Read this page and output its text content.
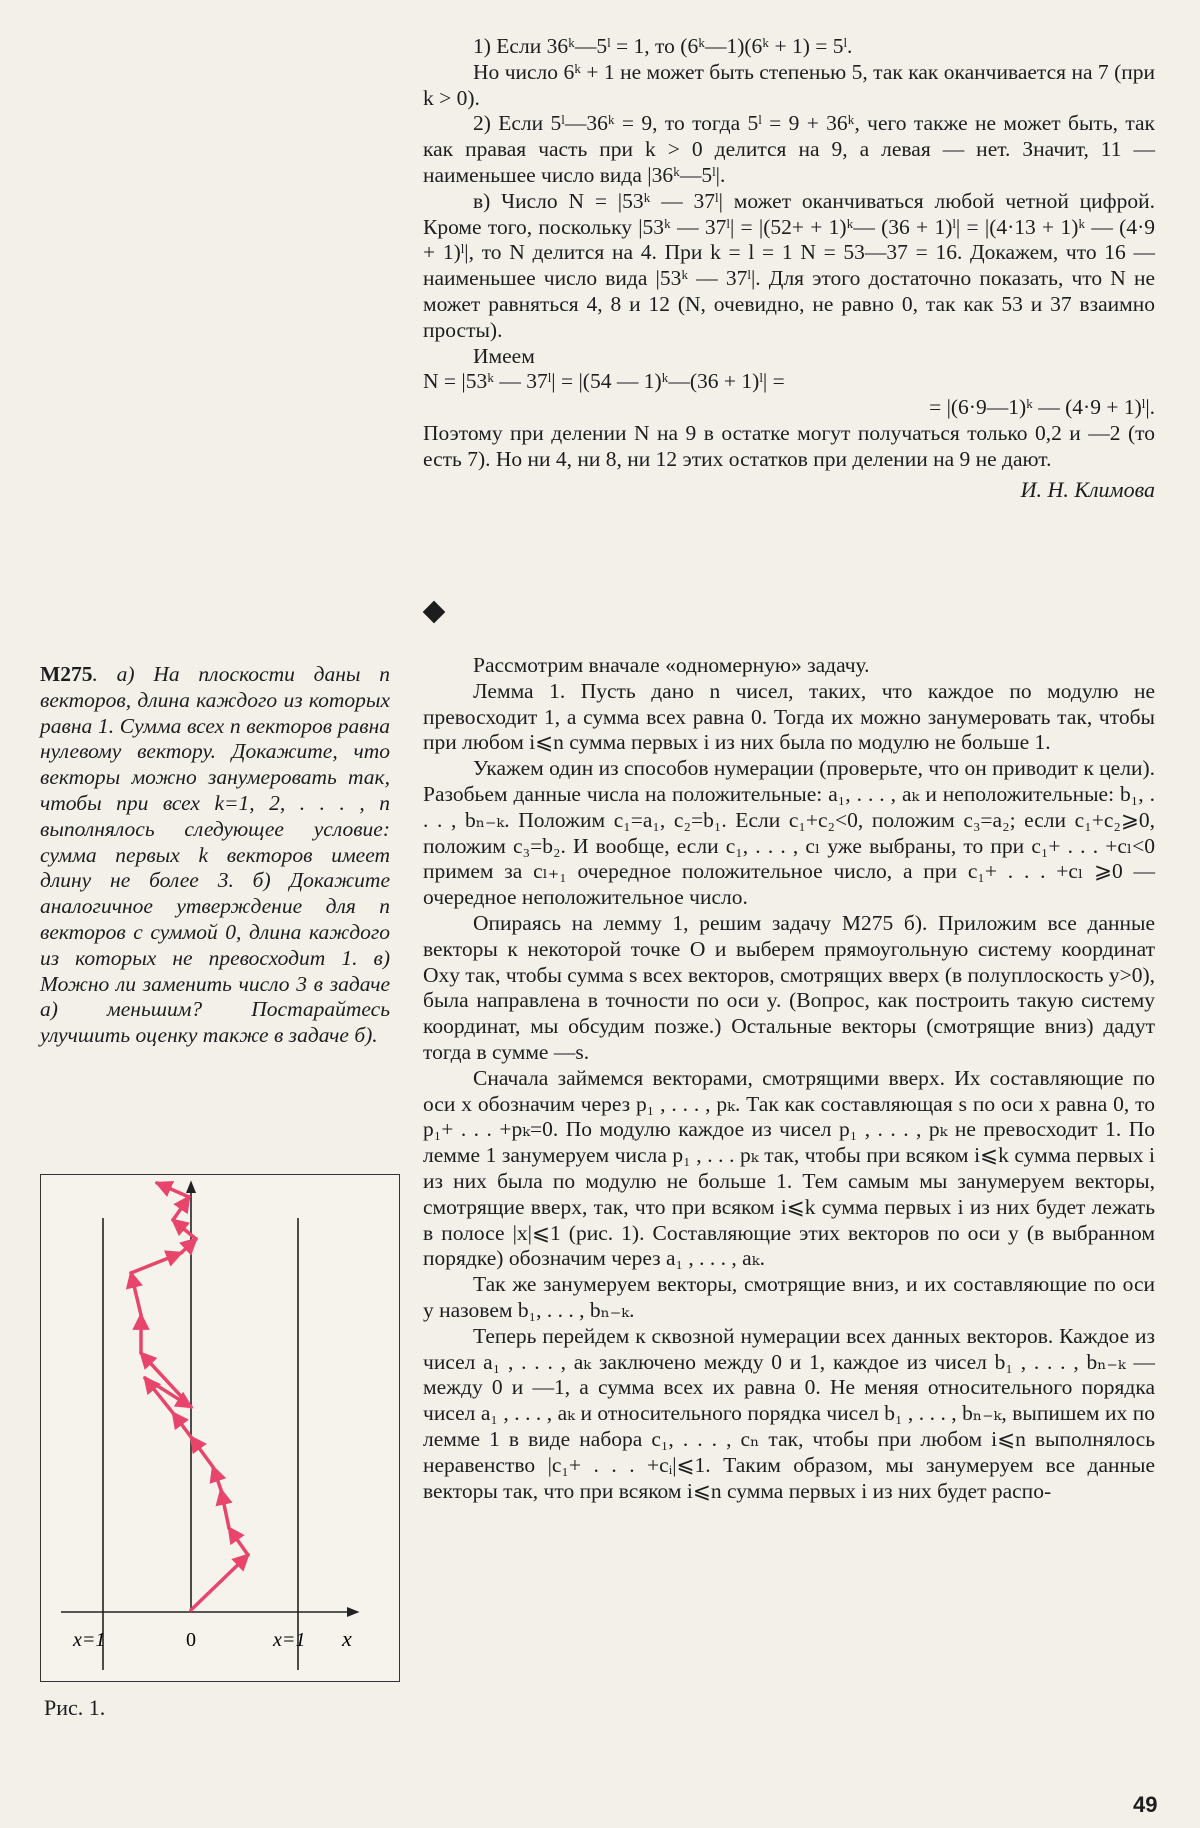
1) Если 36ᵏ—5ˡ = 1, то (6ᵏ—1)(6ᵏ + 1) = 5ˡ.

Но число 6ᵏ + 1 не может быть степенью 5, так как оканчивается на 7 (при k > 0).

2) Если 5ˡ—36ᵏ = 9, то тогда 5ˡ = 9 + 36ᵏ, чего также не может быть, так как правая часть при k > 0 делится на 9, а левая — нет. Значит, 11 — наименьшее число вида |36ᵏ—5ˡ|.

в) Число N = |53ᵏ — 37ˡ| может оканчиваться любой четной цифрой. Кроме того, поскольку |53ᵏ — 37ˡ| = |(52+ + 1)ᵏ— (36 + 1)ˡ| = |(4·13 + 1)ᵏ — (4·9 + 1)ˡ|, то N делится на 4. При k = l = 1 N = 53—37 = 16. Докажем, что 16 — наименьшее число вида |53ᵏ — 37ˡ|. Для этого достаточно показать, что N не может равняться 4, 8 и 12 (N, очевидно, не равно 0, так как 53 и 37 взаимно просты).

Имеем

N = |53ᵏ — 37ˡ| = |(54 — 1)ᵏ—(36 + 1)ˡ| =

= |(6·9—1)ᵏ — (4·9 + 1)ˡ|.

Поэтому при делении N на 9 в остатке могут получаться только 0,2 и —2 (то есть 7). Но ни 4, ни 8, ни 12 этих остатков при делении на 9 не дают.

И. Н. Климова

М275. а) На плоскости даны n векторов, длина каждого из которых равна 1. Сумма всех n векторов равна нулевому вектору. Докажите, что векторы можно занумеровать так, чтобы при всех k=1, 2, . . . , n выполнялось следующее условие: сумма первых k векторов имеет длину не более 3. б) Докажите аналогичное утверждение для n векторов с суммой 0, длина каждого из которых не превосходит 1. в) Можно ли заменить число 3 в задаче а) меньшим? Постарайтесь улучшить оценку также в задаче б).
x=1	0	x=1 x
Рис. 1.

Рассмотрим вначале «одномерную» задачу.

Лемма 1. Пусть дано n чисел, таких, что каждое по модулю не превосходит 1, а сумма всех равна 0. Тогда их можно занумеровать так, чтобы при любом i⩽n сумма первых i из них была по модулю не больше 1.

Укажем один из способов нумерации (проверьте, что он приводит к цели). Разобьем данные числа на положительные: a₁, . . . , aₖ и неположительные: b₁, . . . , bₙ₋ₖ. Положим c₁=a₁, c₂=b₁. Если c₁+c₂<0, положим c₃=a₂; если c₁+c₂⩾0, положим c₃=b₂. И вообще, если c₁, . . . , cₗ уже выбраны, то при c₁+ . . . +cₗ<0 примем за cₗ₊₁ очередное положительное число, а при c₁+ . . . +cₗ ⩾0 — очередное неположительное число.

Опираясь на лемму 1, решим задачу М275 б). Приложим все данные векторы к некоторой точке O и выберем прямоугольную систему координат Oxy так, чтобы сумма s всех векторов, смотрящих вверх (в полуплоскость y>0), была направлена в точности по оси y. (Вопрос, как построить такую систему координат, мы обсудим позже.) Остальные векторы (смотрящие вниз) дадут тогда в сумме —s.

Сначала займемся векторами, смотрящими вверх. Их составляющие по оси x обозначим через p₁ , . . . , pₖ. Так как составляющая s по оси x равна 0, то p₁+ . . . +pₖ=0. По модулю каждое из чисел p₁ , . . . , pₖ не превосходит 1. По лемме 1 занумеруем числа p₁ , . . . pₖ так, чтобы при всяком i⩽k сумма первых i из них была по модулю не больше 1. Тем самым мы занумеруем векторы, смотрящие вверх, так, что при всяком i⩽k сумма первых i из них будет лежать в полосе |x|⩽1 (рис. 1). Составляющие этих векторов по оси y (в выбранном порядке) обозначим через a₁ , . . . , aₖ.

Так же занумеруем векторы, смотрящие вниз, и их составляющие по оси y назовем b₁, . . . , bₙ₋ₖ.

Теперь перейдем к сквозной нумерации всех данных векторов. Каждое из чисел a₁ , . . . , aₖ заключено между 0 и 1, каждое из чисел b₁ , . . . , bₙ₋ₖ — между 0 и —1, а сумма всех их равна 0. Не меняя относительного порядка чисел a₁ , . . . , aₖ и относительного порядка чисел b₁ , . . . , bₙ₋ₖ, выпишем их по лемме 1 в виде набора c₁, . . . , cₙ так, чтобы при любом i⩽n выполнялось неравенство |c₁+ . . . +cᵢ|⩽1. Таким образом, мы занумеруем все данные векторы так, что при всяком i⩽n сумма первых i из них будет распо-

49
